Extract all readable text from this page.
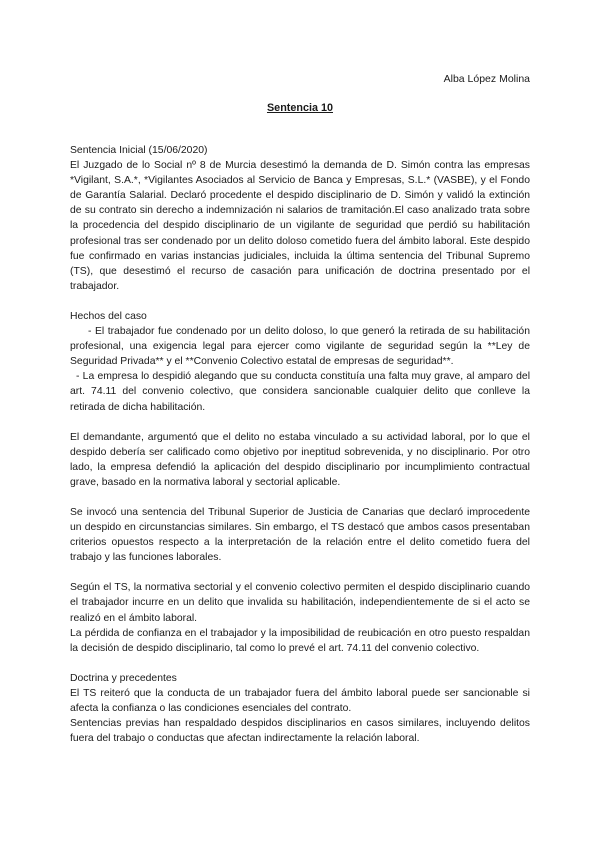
Alba López Molina
Sentencia 10

Sentencia Inicial (15/06/2020)

El Juzgado de lo Social nº 8 de Murcia desestimó la demanda de D. Simón contra las empresas *Vigilant, S.A.*, *Vigilantes Asociados al Servicio de Banca y Empresas, S.L.* (VASBE), y el Fondo de Garantía Salarial. Declaró procedente el despido disciplinario de D. Simón y validó la extinción de su contrato sin derecho a indemnización ni salarios de tramitación.El caso analizado trata sobre la procedencia del despido disciplinario de un vigilante de seguridad que perdió su habilitación profesional tras ser condenado por un delito doloso cometido fuera del ámbito laboral. Este despido fue confirmado en varias instancias judiciales, incluida la última sentencia del Tribunal Supremo (TS), que desestimó el recurso de casación para unificación de doctrina presentado por el trabajador.

Hechos del caso

- El trabajador fue condenado por un delito doloso, lo que generó la retirada de su habilitación profesional, una exigencia legal para ejercer como vigilante de seguridad según la **Ley de Seguridad Privada** y el **Convenio Colectivo estatal de empresas de seguridad**.

- La empresa lo despidió alegando que su conducta constituía una falta muy grave, al amparo del art. 74.11 del convenio colectivo, que considera sancionable cualquier delito que conlleve la retirada de dicha habilitación.

El demandante, argumentó que el delito no estaba vinculado a su actividad laboral, por lo que el despido debería ser calificado como objetivo por ineptitud sobrevenida, y no disciplinario. Por otro lado, la empresa defendió la aplicación del despido disciplinario por incumplimiento contractual grave, basado en la normativa laboral y sectorial aplicable.

Se invocó una sentencia del Tribunal Superior de Justicia de Canarias que declaró improcedente un despido en circunstancias similares. Sin embargo, el TS destacó que ambos casos presentaban criterios opuestos respecto a la interpretación de la relación entre el delito cometido fuera del trabajo y las funciones laborales.

Según el TS, la normativa sectorial y el convenio colectivo permiten el despido disciplinario cuando el trabajador incurre en un delito que invalida su habilitación, independientemente de si el acto se realizó en el ámbito laboral.

La pérdida de confianza en el trabajador y la imposibilidad de reubicación en otro puesto respaldan la decisión de despido disciplinario, tal como lo prevé el art. 74.11 del convenio colectivo.

Doctrina y precedentes

El TS reiteró que la conducta de un trabajador fuera del ámbito laboral puede ser sancionable si afecta la confianza o las condiciones esenciales del contrato.

Sentencias previas han respaldado despidos disciplinarios en casos similares, incluyendo delitos fuera del trabajo o conductas que afectan indirectamente la relación laboral.
